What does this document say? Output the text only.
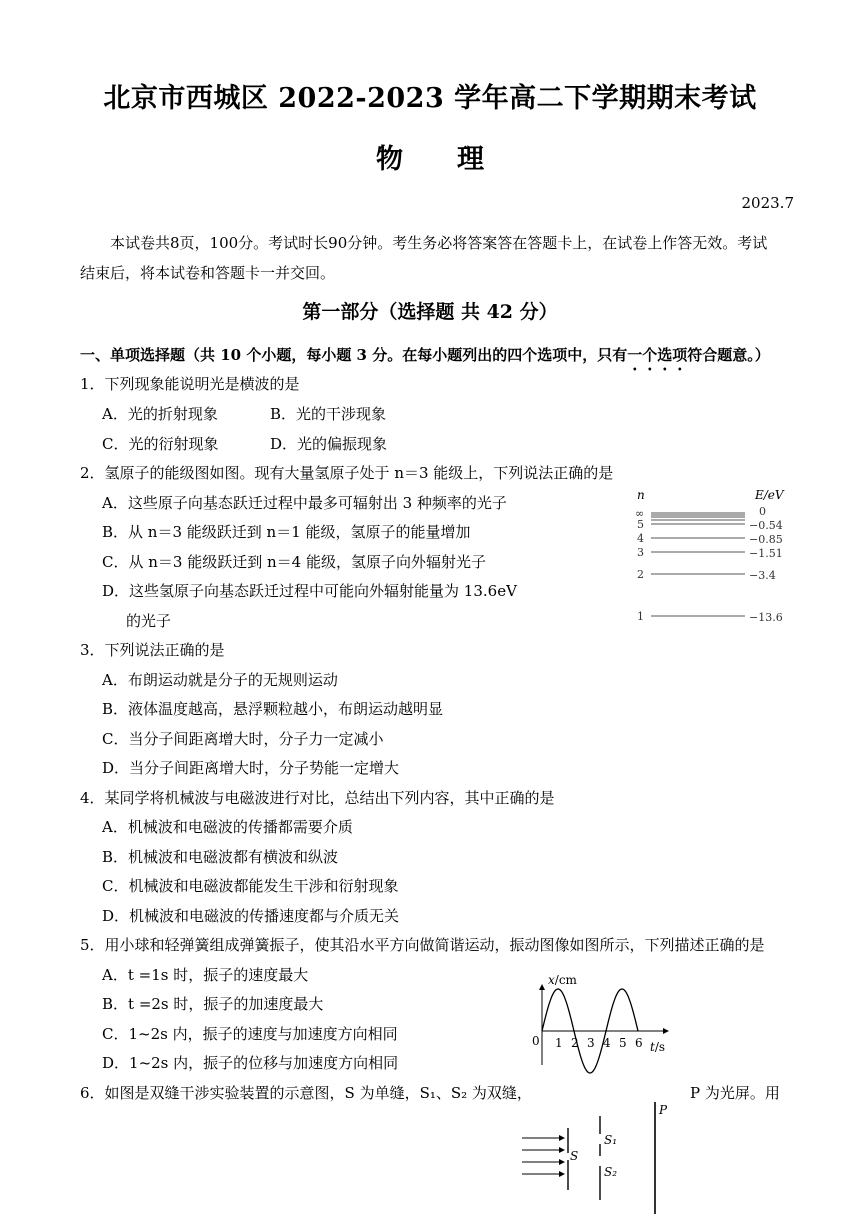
北京市西城区 2022-2023 学年高二下学期期末考试
物　　理
2023.7
本试卷共8页，100分。考试时长90分钟。考生务必将答案答在答题卡上，在试卷上作答无效。考试结束后，将本试卷和答题卡一并交回。
第一部分（选择题 共 42 分）
一、单项选择题（共 10 个小题，每小题 3 分。在每小题列出的四个选项中，只有一个选项符合题意。）
1．下列现象能说明光是横波的是
A．光的折射现象	B．光的干涉现象
C．光的衍射现象	D．光的偏振现象
2．氢原子的能级图如图。现有大量氢原子处于 n＝3 能级上，下列说法正确的是
A．这些原子向基态跃迁过程中最多可辐射出 3 种频率的光子
B．从 n＝3 能级跃迁到 n＝1 能级，氢原子的能量增加
C．从 n＝3 能级跃迁到 n＝4 能级，氢原子向外辐射光子
D．这些氢原子向基态跃迁过程中可能向外辐射能量为 13.6eV
的光子
n	E/eV
∞	0
5	−0.54
4	−0.85
3	−1.51
2	−3.4
1	−13.6
3．下列说法正确的是
A．布朗运动就是分子的无规则运动
B．液体温度越高，悬浮颗粒越小，布朗运动越明显
C．当分子间距离增大时，分子力一定减小
D．当分子间距离增大时，分子势能一定增大
4．某同学将机械波与电磁波进行对比，总结出下列内容，其中正确的是
A．机械波和电磁波的传播都需要介质
B．机械波和电磁波都有横波和纵波
C．机械波和电磁波都能发生干涉和衍射现象
D．机械波和电磁波的传播速度都与介质无关
5．用小球和轻弹簧组成弹簧振子，使其沿水平方向做简谐运动，振动图像如图所示，下列描述正确的是
A．t =1s 时，振子的速度最大
B．t =2s 时，振子的加速度最大
C．1~2s 内，振子的速度与加速度方向相同
D．1~2s 内，振子的位移与加速度方向相同
x/cm
t/s
0 1 2 3 4 5 6
6．如图是双缝干涉实验装置的示意图，S 为单缝，S₁、S₂ 为双缝，	P 为光屏。用
S
S₁
S₂
P
